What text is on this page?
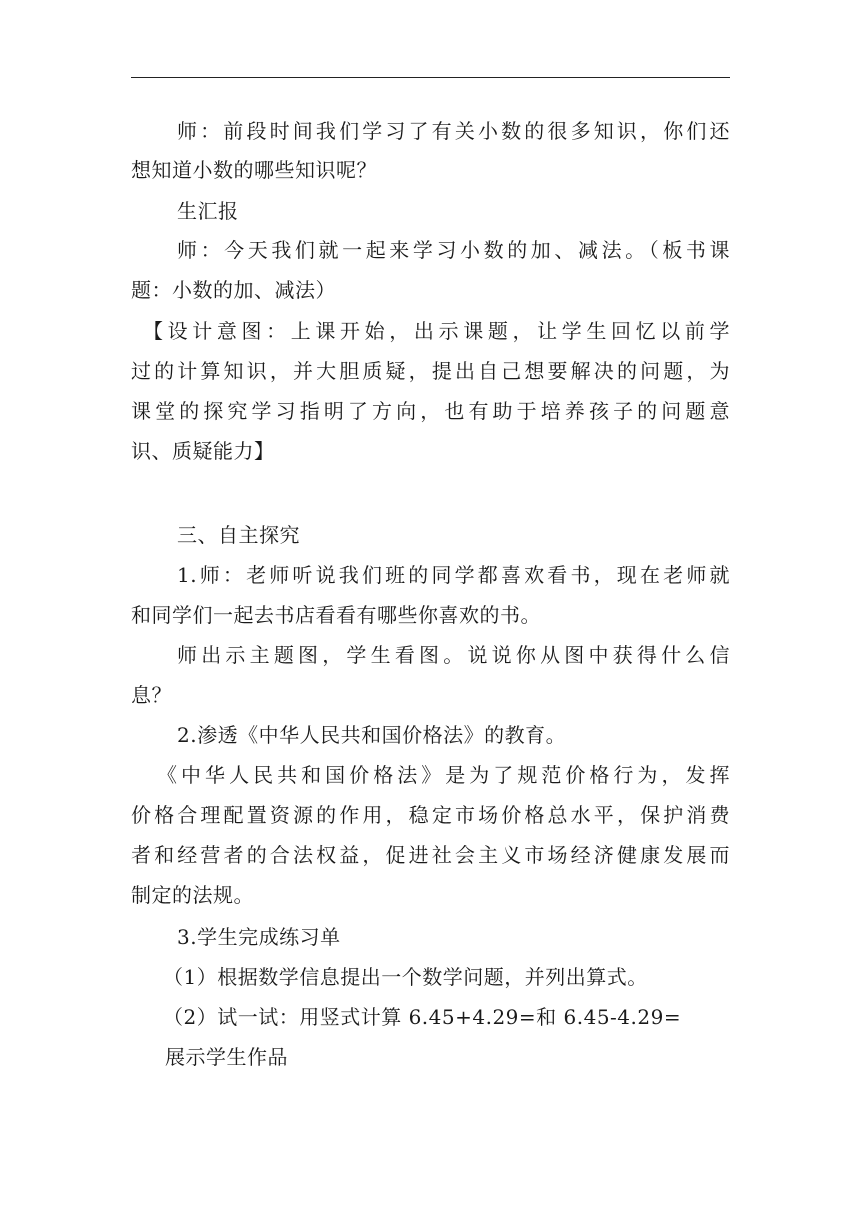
师：前段时间我们学习了有关小数的很多知识，你们还
想知道小数的哪些知识呢？
生汇报
师：今天我们就一起来学习小数的加、减法。（板书课
题：小数的加、减法）
【设计意图：上课开始，出示课题，让学生回忆以前学
过的计算知识，并大胆质疑，提出自己想要解决的问题，为
课堂的探究学习指明了方向，也有助于培养孩子的问题意
识、质疑能力】
三、自主探究
1.师：老师听说我们班的同学都喜欢看书，现在老师就
和同学们一起去书店看看有哪些你喜欢的书。
师出示主题图，学生看图。说说你从图中获得什么信
息？
2.渗透《中华人民共和国价格法》的教育。
《中华人民共和国价格法》是为了规范价格行为，发挥
价格合理配置资源的作用，稳定市场价格总水平，保护消费
者和经营者的合法权益，促进社会主义市场经济健康发展而
制定的法规。
3.学生完成练习单
（1）根据数学信息提出一个数学问题，并列出算式。
（2）试一试：用竖式计算 6.45+4.29=和 6.45-4.29=
展示学生作品
